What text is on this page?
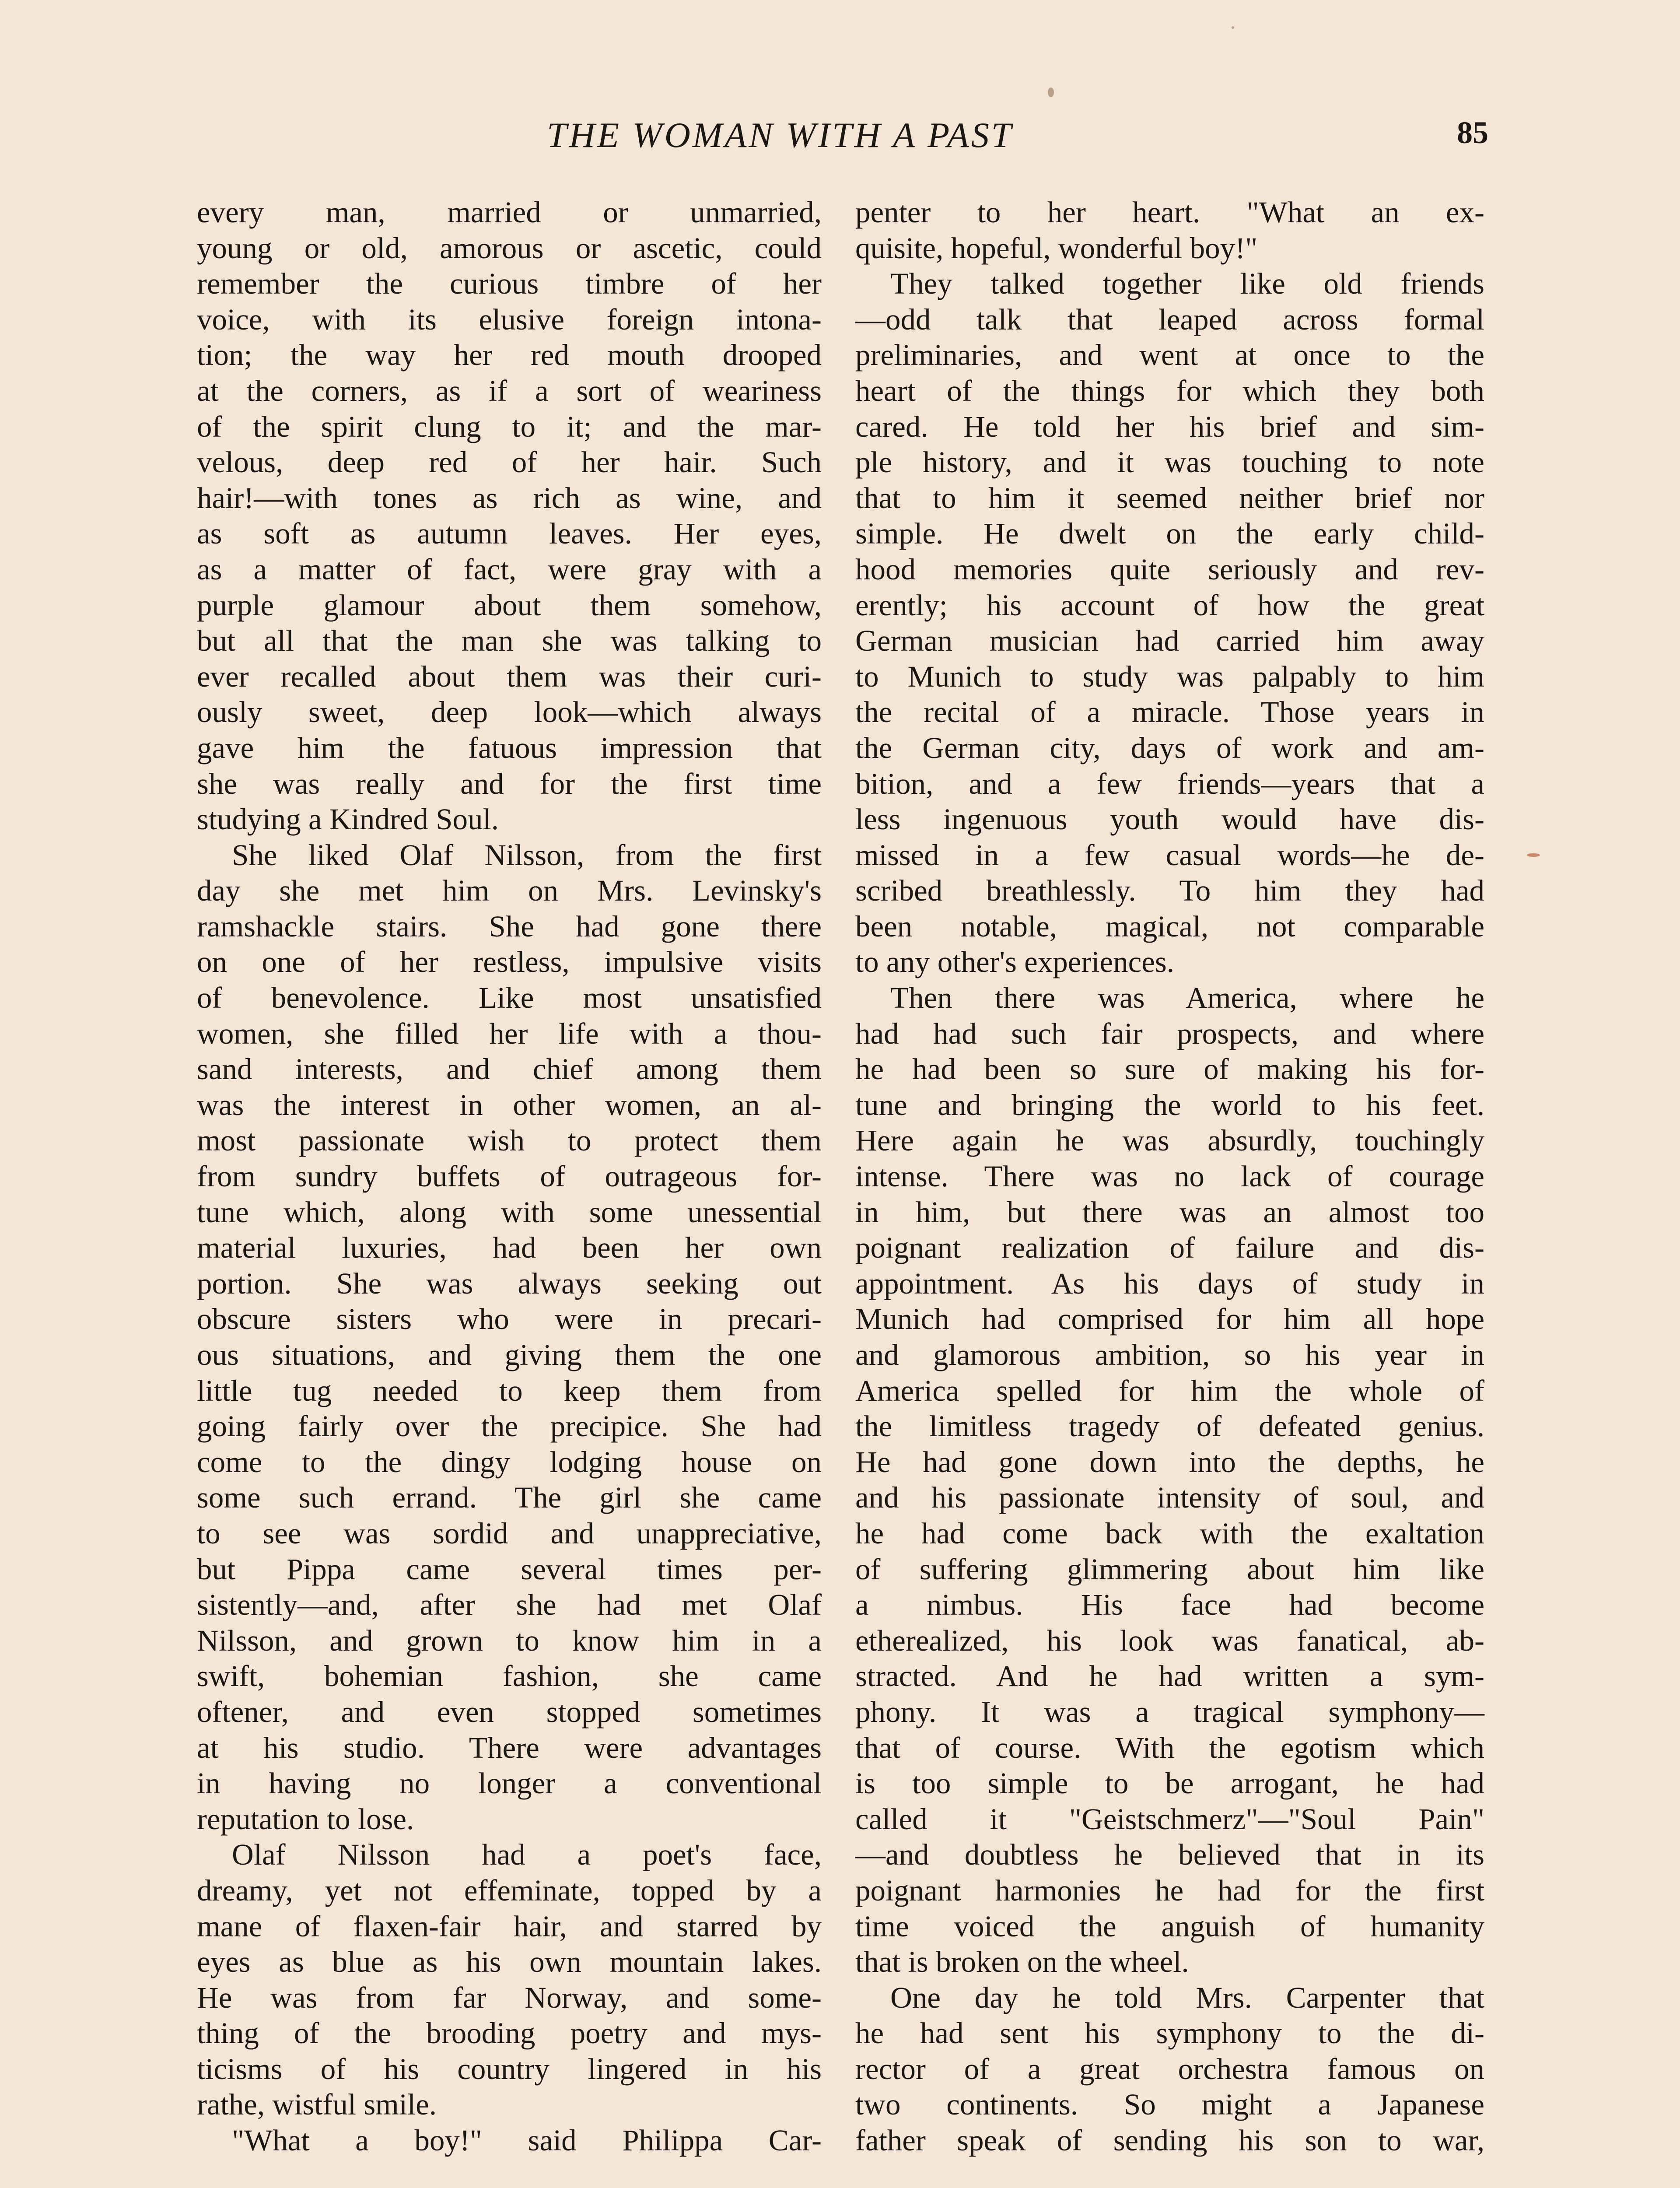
THE WOMAN WITH A PAST	85
every man, married or unmarried,
young or old, amorous or ascetic, could
remember the curious timbre of her
voice, with its elusive foreign intona-
tion; the way her red mouth drooped
at the corners, as if a sort of weariness
of the spirit clung to it; and the mar-
velous, deep red of her hair. Such
hair!—with tones as rich as wine, and
as soft as autumn leaves. Her eyes,
as a matter of fact, were gray with a
purple glamour about them somehow,
but all that the man she was talking to
ever recalled about them was their curi-
ously sweet, deep look—which always
gave him the fatuous impression that
she was really and for the first time
studying a Kindred Soul.
She liked Olaf Nilsson, from the first
day she met him on Mrs. Levinsky's
ramshackle stairs. She had gone there
on one of her restless, impulsive visits
of benevolence. Like most unsatisfied
women, she filled her life with a thou-
sand interests, and chief among them
was the interest in other women, an al-
most passionate wish to protect them
from sundry buffets of outrageous for-
tune which, along with some unessential
material luxuries, had been her own
portion. She was always seeking out
obscure sisters who were in precari-
ous situations, and giving them the one
little tug needed to keep them from
going fairly over the precipice. She had
come to the dingy lodging house on
some such errand. The girl she came
to see was sordid and unappreciative,
but Pippa came several times per-
sistently—and, after she had met Olaf
Nilsson, and grown to know him in a
swift, bohemian fashion, she came
oftener, and even stopped sometimes
at his studio. There were advantages
in having no longer a conventional
reputation to lose.
Olaf Nilsson had a poet's face,
dreamy, yet not effeminate, topped by a
mane of flaxen-fair hair, and starred by
eyes as blue as his own mountain lakes.
He was from far Norway, and some-
thing of the brooding poetry and mys-
ticisms of his country lingered in his
rathe, wistful smile.
"What a boy!" said Philippa Car-
penter to her heart. "What an ex-
quisite, hopeful, wonderful boy!"
They talked together like old friends
—odd talk that leaped across formal
preliminaries, and went at once to the
heart of the things for which they both
cared. He told her his brief and sim-
ple history, and it was touching to note
that to him it seemed neither brief nor
simple. He dwelt on the early child-
hood memories quite seriously and rev-
erently; his account of how the great
German musician had carried him away
to Munich to study was palpably to him
the recital of a miracle. Those years in
the German city, days of work and am-
bition, and a few friends—years that a
less ingenuous youth would have dis-
missed in a few casual words—he de-
scribed breathlessly. To him they had
been notable, magical, not comparable
to any other's experiences.
Then there was America, where he
had had such fair prospects, and where
he had been so sure of making his for-
tune and bringing the world to his feet.
Here again he was absurdly, touchingly
intense. There was no lack of courage
in him, but there was an almost too
poignant realization of failure and dis-
appointment. As his days of study in
Munich had comprised for him all hope
and glamorous ambition, so his year in
America spelled for him the whole of
the limitless tragedy of defeated genius.
He had gone down into the depths, he
and his passionate intensity of soul, and
he had come back with the exaltation
of suffering glimmering about him like
a nimbus. His face had become
etherealized, his look was fanatical, ab-
stracted. And he had written a sym-
phony. It was a tragical symphony—
that of course. With the egotism which
is too simple to be arrogant, he had
called it "Geistschmerz"—"Soul Pain"
—and doubtless he believed that in its
poignant harmonies he had for the first
time voiced the anguish of humanity
that is broken on the wheel.
One day he told Mrs. Carpenter that
he had sent his symphony to the di-
rector of a great orchestra famous on
two continents. So might a Japanese
father speak of sending his son to war,
